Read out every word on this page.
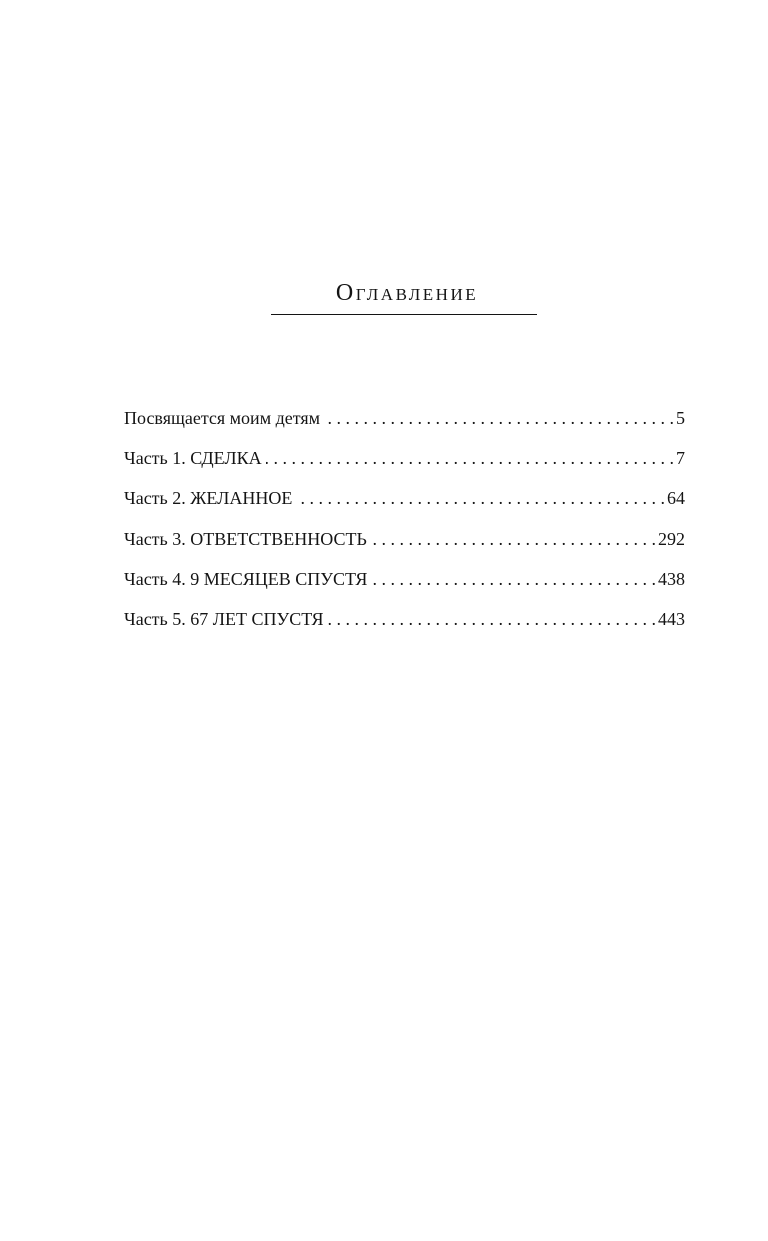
Оглавление
Посвящается моим детям . . .	5
Часть 1. СДЕЛКА . . .	7
Часть 2. ЖЕЛАННОЕ . . .	64
Часть 3. ОТВЕТСТВЕННОСТЬ . . .	292
Часть 4. 9 МЕСЯЦЕВ СПУСТЯ . . .	438
Часть 5. 67 ЛЕТ СПУСТЯ . . .	443
